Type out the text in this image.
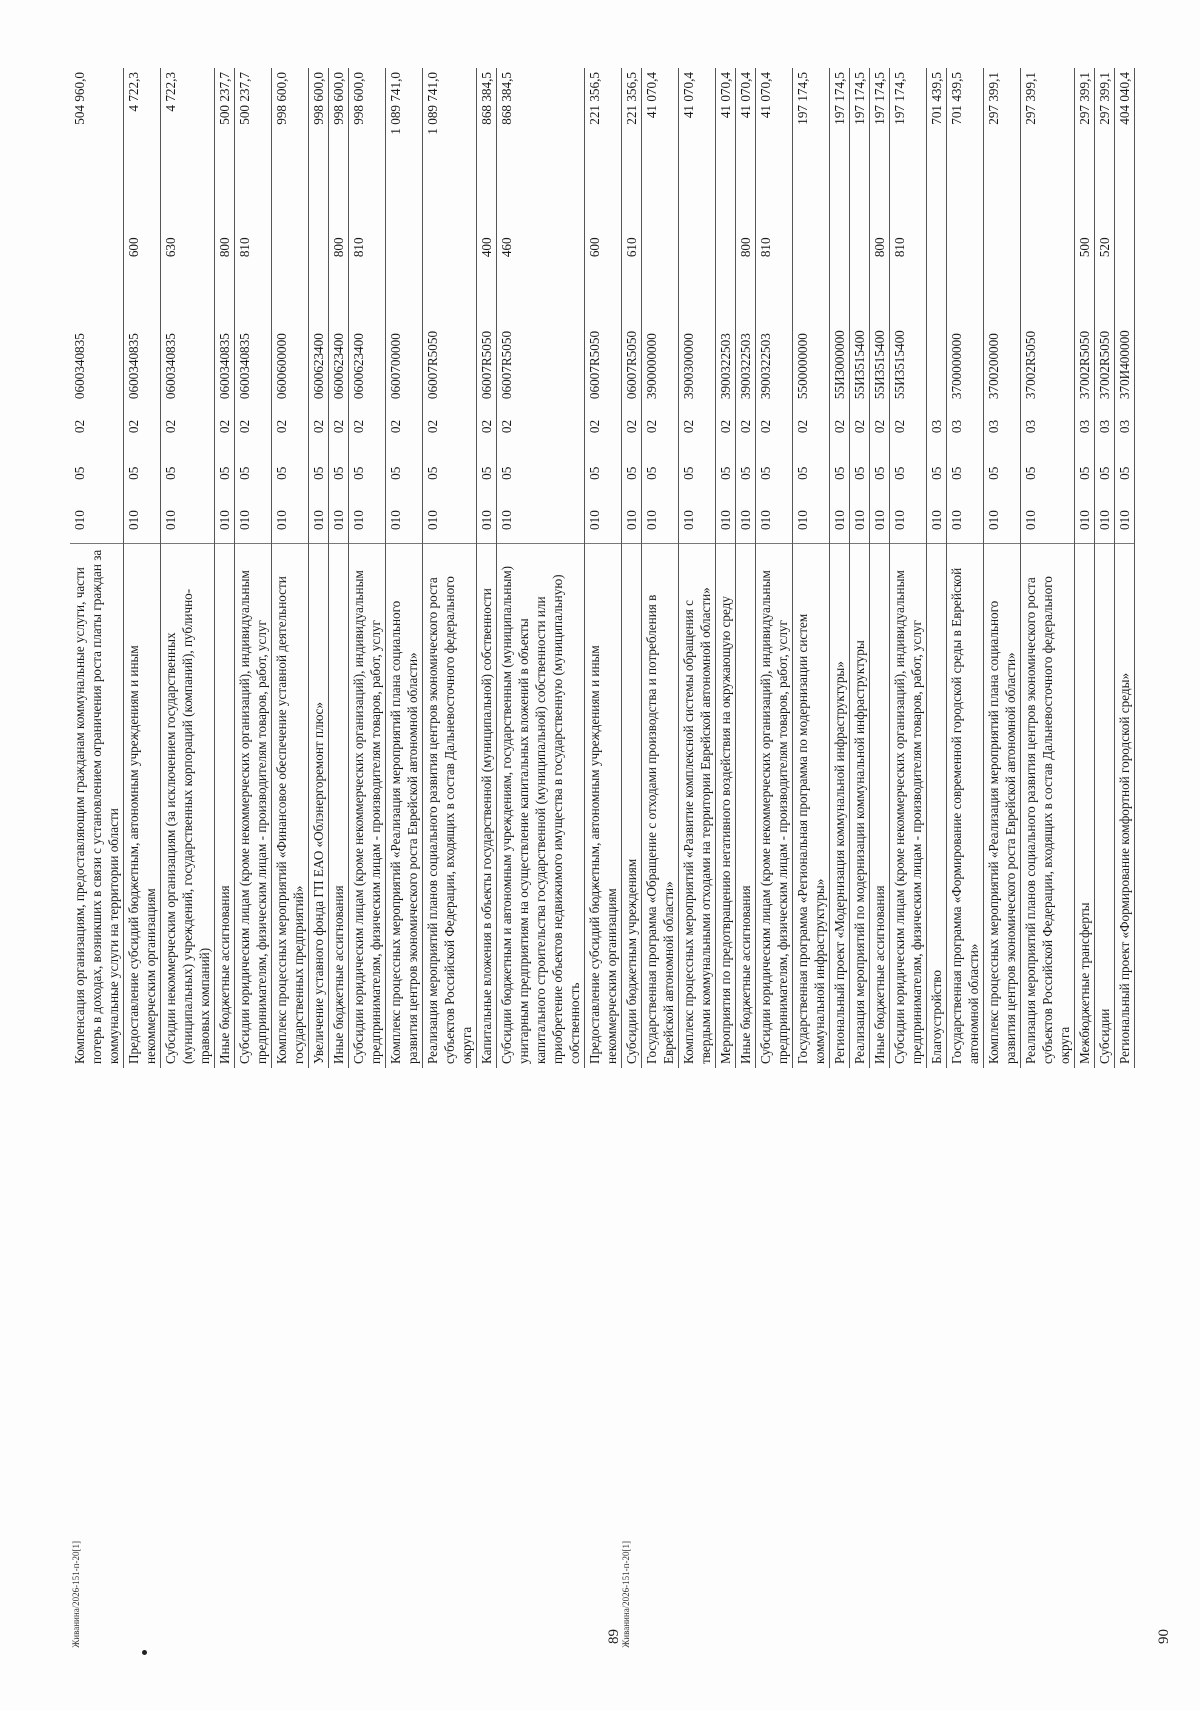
89
Компенсация организациям, предоставляющим гражданам коммунальные услуги, части потерь в доходах, возникших в связи с установлением ограничения роста платы граждан за коммунальные услуги на территории области	010	05	02	0600340835		504 960,0
Предоставление субсидий бюджетным, автономным учреждениям и иным некоммерческим организациям	010	05	02	0600340835	600	4 722,3
Субсидии некоммерческим организациям (за исключением государственных (муниципальных) учреждений, государственных корпораций (компаний), публично-правовых компаний)	010	05	02	0600340835	630	4 722,3
Иные бюджетные ассигнования	010	05	02	0600340835	800	500 237,7
Субсидии юридическим лицам (кроме некоммерческих организаций), индивидуальным предпринимателям, физическим лицам - производителям товаров, работ, услуг	010	05	02	0600340835	810	500 237,7
Комплекс процессных мероприятий «Финансовое обеспечение уставной деятельности государственных предприятий»	010	05	02	0600600000		998 600,0
Увеличение уставного фонда ГП ЕАО «Облэнергоремонт плюс»	010	05	02	0600623400		998 600,0
Иные бюджетные ассигнования	010	05	02	0600623400	800	998 600,0
Субсидии юридическим лицам (кроме некоммерческих организаций), индивидуальным предпринимателям, физическим лицам - производителям товаров, работ, услуг	010	05	02	0600623400	810	998 600,0
Комплекс процессных мероприятий «Реализация мероприятий плана социального развития центров экономического роста Еврейской автономной области»	010	05	02	0600700000		1 089 741,0
Реализация мероприятий планов социального развития центров экономического роста субъектов Российской Федерации, входящих в состав Дальневосточного федерального округа	010	05	02	06007R5050		1 089 741,0
Капитальные вложения в объекты государственной (муниципальной) собственности	010	05	02	06007R5050	400	868 384,5
Субсидии бюджетным и автономным учреждениям, государственным (муниципальным) унитарным предприятиям на осуществление капитальных вложений в объекты капитального строительства государственной (муниципальной) собственности или приобретение объектов недвижимого имущества в государственную (муниципальную) собственность	010	05	02	06007R5050	460	868 384,5
Живанина/2026-151-п-20[1]	90
Предоставление субсидий бюджетным, автономным учреждениям и иным некоммерческим организациям	010	05	02	06007R5050	600	221 356,5
Субсидии бюджетным учреждениям	010	05	02	06007R5050	610	221 356,5
Государственная программа «Обращение с отходами производства и потребления в Еврейской автономной области»	010	05	02	3900000000		41 070,4
Комплекс процессных мероприятий «Развитие комплексной системы обращения с твердыми коммунальными отходами на территории Еврейской автономной области»	010	05	02	3900300000		41 070,4
Мероприятия по предотвращению негативного воздействия на окружающую среду	010	05	02	3900322503		41 070,4
Иные бюджетные ассигнования	010	05	02	3900322503	800	41 070,4
Субсидии юридическим лицам (кроме некоммерческих организаций), индивидуальным предпринимателям, физическим лицам - производителям товаров, работ, услуг	010	05	02	3900322503	810	41 070,4
Государственная программа «Региональная программа по модернизации систем коммунальной инфраструктуры»	010	05	02	5500000000		197 174,5
Региональный проект «Модернизация коммунальной инфраструктуры»	010	05	02	55И3000000		197 174,5
Реализация мероприятий по модернизации коммунальной инфраструктуры	010	05	02	55И3515400		197 174,5
Иные бюджетные ассигнования	010	05	02	55И3515400	800	197 174,5
Субсидии юридическим лицам (кроме некоммерческих организаций), индивидуальным предпринимателям, физическим лицам - производителям товаров, работ, услуг	010	05	02	55И3515400	810	197 174,5
Благоустройство	010	05	03			701 439,5
Государственная программа «Формирование современной городской среды в Еврейской автономной области»	010	05	03	3700000000		701 439,5
Комплекс процессных мероприятий «Реализация мероприятий плана социального развития центров экономического роста Еврейской автономной области»	010	05	03	3700200000		297 399,1
Реализация мероприятий планов социального развития центров экономического роста субъектов Российской Федерации, входящих в состав Дальневосточного федерального округа	010	05	03	37002R5050		297 399,1
Межбюджетные трансферты	010	05	03	37002R5050	500	297 399,1
Субсидии	010	05	03	37002R5050	520	297 399,1
Региональный проект «Формирование комфортной городской среды»	010	05	03	370И400000		404 040,4
Живанина/2026-151-п-20[1]
